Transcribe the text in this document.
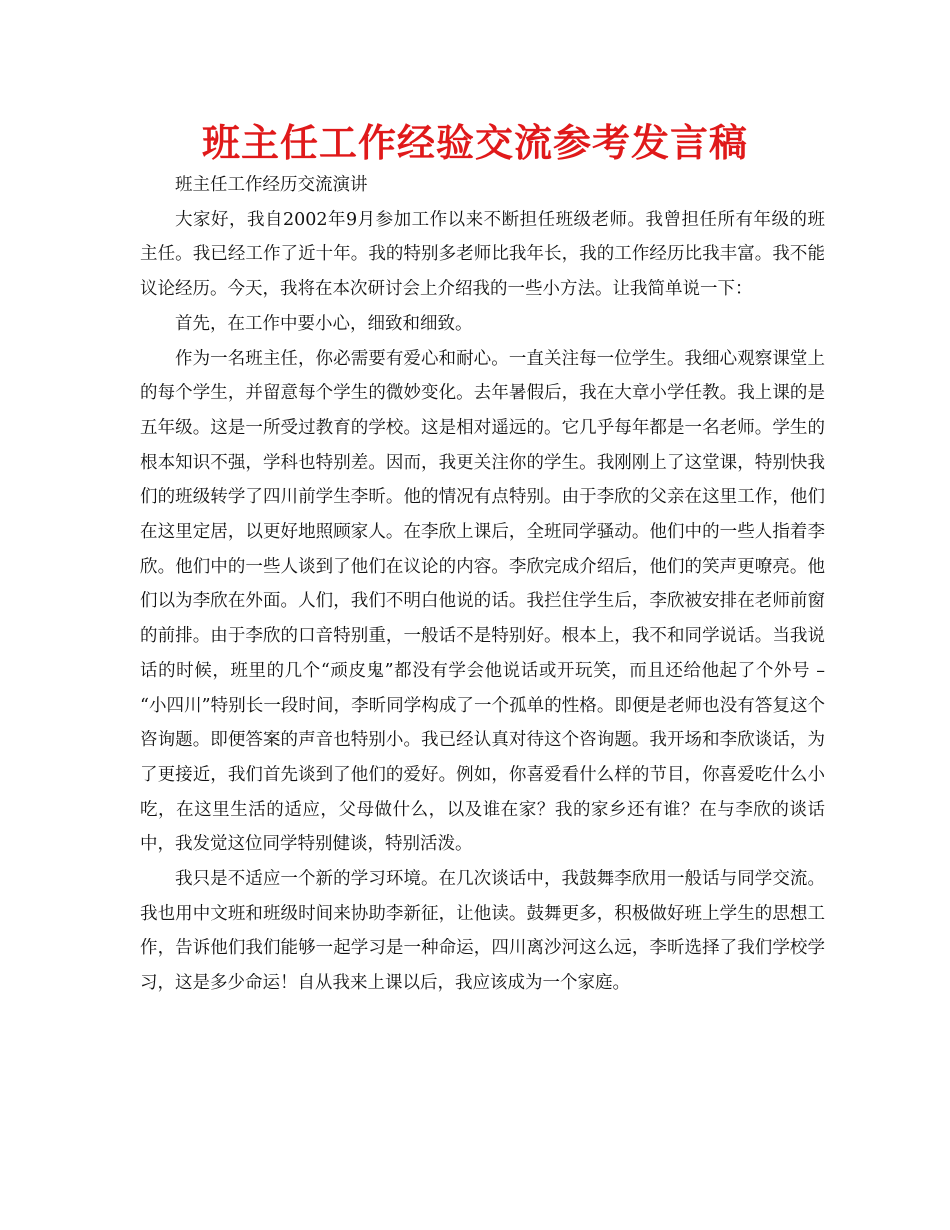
班主任工作经验交流参考发言稿

班主任工作经历交流演讲

大家好，我自2002年9月参加工作以来不断担任班级老师。我曾担任所有年级的班主任。我已经工作了近十年。我的特别多老师比我年长，我的工作经历比我丰富。我不能议论经历。今天，我将在本次研讨会上介绍我的一些小方法。让我简单说一下：

首先，在工作中要小心，细致和细致。

作为一名班主任，你必需要有爱心和耐心。一直关注每一位学生。我细心观察课堂上的每个学生，并留意每个学生的微妙变化。去年暑假后，我在大章小学任教。我上课的是五年级。这是一所受过教育的学校。这是相对遥远的。它几乎每年都是一名老师。学生的根本知识不强，学科也特别差。因而，我更关注你的学生。我刚刚上了这堂课，特别快我们的班级转学了四川前学生李昕。他的情况有点特别。由于李欣的父亲在这里工作，他们在这里定居，以更好地照顾家人。在李欣上课后，全班同学骚动。他们中的一些人指着李欣。他们中的一些人谈到了他们在议论的内容。李欣完成介绍后，他们的笑声更嘹亮。他们以为李欣在外面。人们，我们不明白他说的话。我拦住学生后，李欣被安排在老师前窗的前排。由于李欣的口音特别重，一般话不是特别好。根本上，我不和同学说话。当我说话的时候，班里的几个“顽皮鬼”都没有学会他说话或开玩笑，而且还给他起了个外号 – “小四川”特别长一段时间，李昕同学构成了一个孤单的性格。即便是老师也没有答复这个咨询题。即便答案的声音也特别小。我已经认真对待这个咨询题。我开场和李欣谈话，为了更接近，我们首先谈到了他们的爱好。例如，你喜爱看什么样的节目，你喜爱吃什么小吃，在这里生活的适应，父母做什么，以及谁在家？我的家乡还有谁？在与李欣的谈话中，我发觉这位同学特别健谈，特别活泼。

我只是不适应一个新的学习环境。在几次谈话中，我鼓舞李欣用一般话与同学交流。我也用中文班和班级时间来协助李新征，让他读。鼓舞更多，积极做好班上学生的思想工作，告诉他们我们能够一起学习是一种命运，四川离沙河这么远，李昕选择了我们学校学习，这是多少命运！自从我来上课以后，我应该成为一个家庭。
